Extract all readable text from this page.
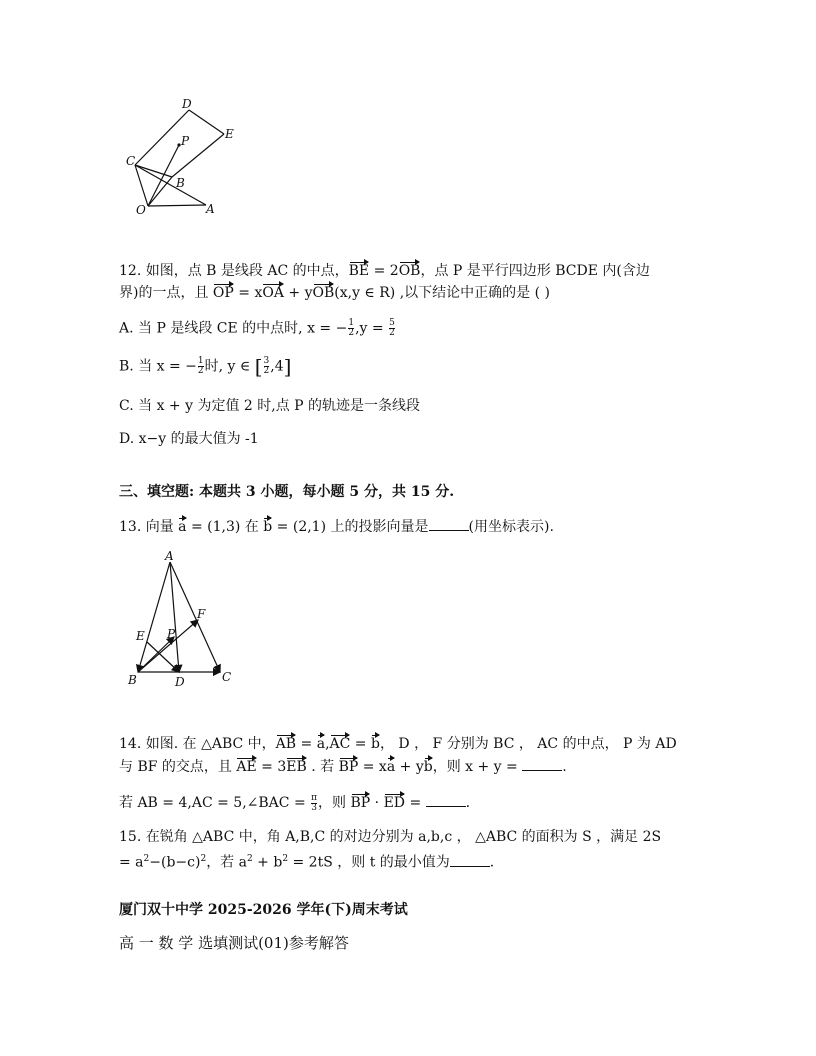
D
E
P
C
B
O	A
12. 如图，点 B 是线段 AC 的中点，BE = 2OB，点 P 是平行四边形 BCDE 内(含边
界)的一点，且 OP = xOA + yOB(x,y ∈ R) ,以下结论中正确的是 ( )
A. 当 P 是线段 CE 的中点时, x = − $\frac{1}{2} ,y = \frac{5}{2}$
B. 当 x = − $\frac{1}{2}$ 时, y ∈ [ $\frac{3}{2} ,4$]
C. 当 x + y 为定值 2 时,点 P 的轨迹是一条线段
D. x−y 的最大值为 -1
三、填空题: 本题共 3 小题，每小题 5 分，共 15 分.
13. 向量 a = (1,3) 在 b = (2,1) 上的投影向量是	(用坐标表示).
A
F
E P
B	D	C
14. 如图. 在 △ABC 中，AB = a,AC = b， D ， F 分别为 BC ， AC 的中点， P 为 AD
与 BF 的交点，且 AE = 3EB . 若 BP = xa + yb，则 x + y =	.
若 AB = 4,AC = 5,∠BAC = $\frac{\pi}{3}$ ，则 BP · ED =	.
15. 在锐角 △ABC 中，角 A,B,C 的对边分别为 a,b,c ， △ABC 的面积为 S ，满足 2S
= $a^2-(b-c)^2$，若 $a^2 + b^2 = 2tS$ ，则 t 的最小值为	.
厦门双十中学 2025-2026 学年(下)周末考试
高 一 数 学 选填测试(01)参考解答
